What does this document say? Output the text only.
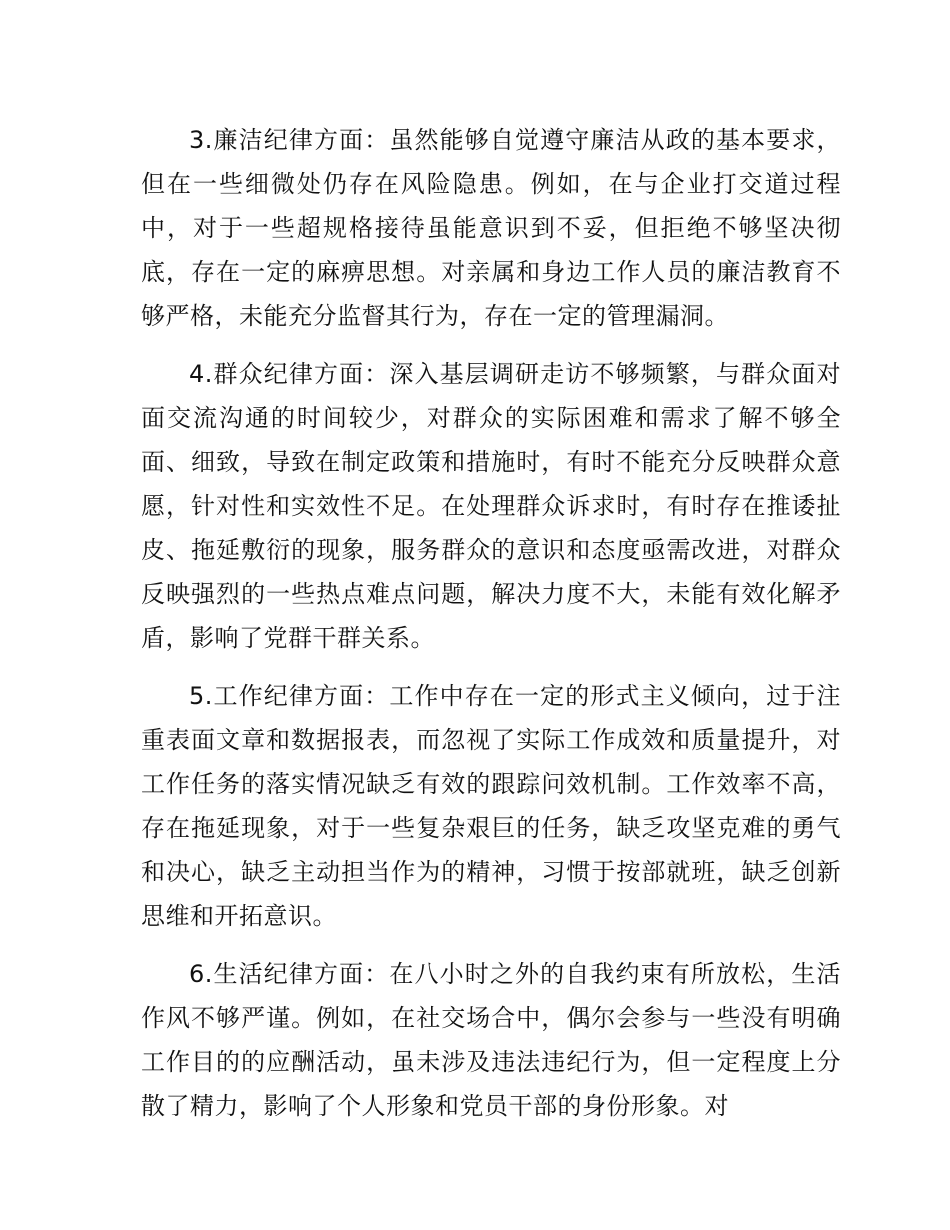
3.廉洁纪律方面：虽然能够自觉遵守廉洁从政的基本要求，但在一些细微处仍存在风险隐患。例如，在与企业打交道过程中，对于一些超规格接待虽能意识到不妥，但拒绝不够坚决彻底，存在一定的麻痹思想。对亲属和身边工作人员的廉洁教育不够严格，未能充分监督其行为，存在一定的管理漏洞。

4.群众纪律方面：深入基层调研走访不够频繁，与群众面对面交流沟通的时间较少，对群众的实际困难和需求了解不够全面、细致，导致在制定政策和措施时，有时不能充分反映群众意愿，针对性和实效性不足。在处理群众诉求时，有时存在推诿扯皮、拖延敷衍的现象，服务群众的意识和态度亟需改进，对群众反映强烈的一些热点难点问题，解决力度不大，未能有效化解矛盾，影响了党群干群关系。

5.工作纪律方面：工作中存在一定的形式主义倾向，过于注重表面文章和数据报表，而忽视了实际工作成效和质量提升，对工作任务的落实情况缺乏有效的跟踪问效机制。工作效率不高，存在拖延现象，对于一些复杂艰巨的任务，缺乏攻坚克难的勇气和决心，缺乏主动担当作为的精神，习惯于按部就班，缺乏创新思维和开拓意识。

6.生活纪律方面：在八小时之外的自我约束有所放松，生活作风不够严谨。例如，在社交场合中，偶尔会参与一些没有明确工作目的的应酬活动，虽未涉及违法违纪行为，但一定程度上分散了精力，影响了个人形象和党员干部的身份形象。对
